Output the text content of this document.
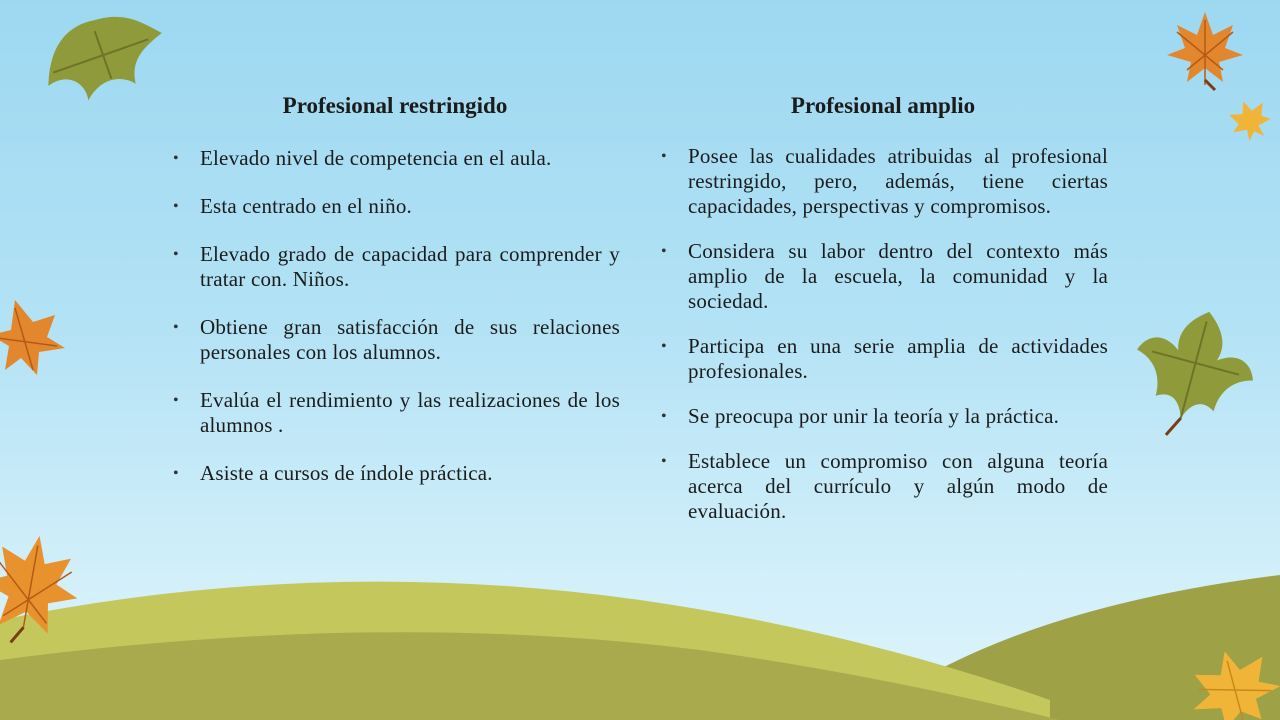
Profesional restringido
• Elevado nivel de competencia en el aula.
• Esta centrado en el niño.
• Elevado grado de capacidad para comprender y tratar con. Niños.
• Obtiene gran satisfacción de sus relaciones personales con los alumnos.
• Evalúa el rendimiento y las realizaciones de los alumnos .
• Asiste a cursos de índole práctica.
Profesional amplio
• Posee las cualidades atribuidas al profesional restringido, pero, además, tiene ciertas capacidades, perspectivas y compromisos.
• Considera su labor dentro del contexto más amplio de la escuela, la comunidad y la sociedad.
• Participa en una serie amplia de actividades profesionales.
• Se preocupa por unir la teoría y la práctica.
• Establece un compromiso con alguna teoría acerca del currículo y algún modo de evaluación.
